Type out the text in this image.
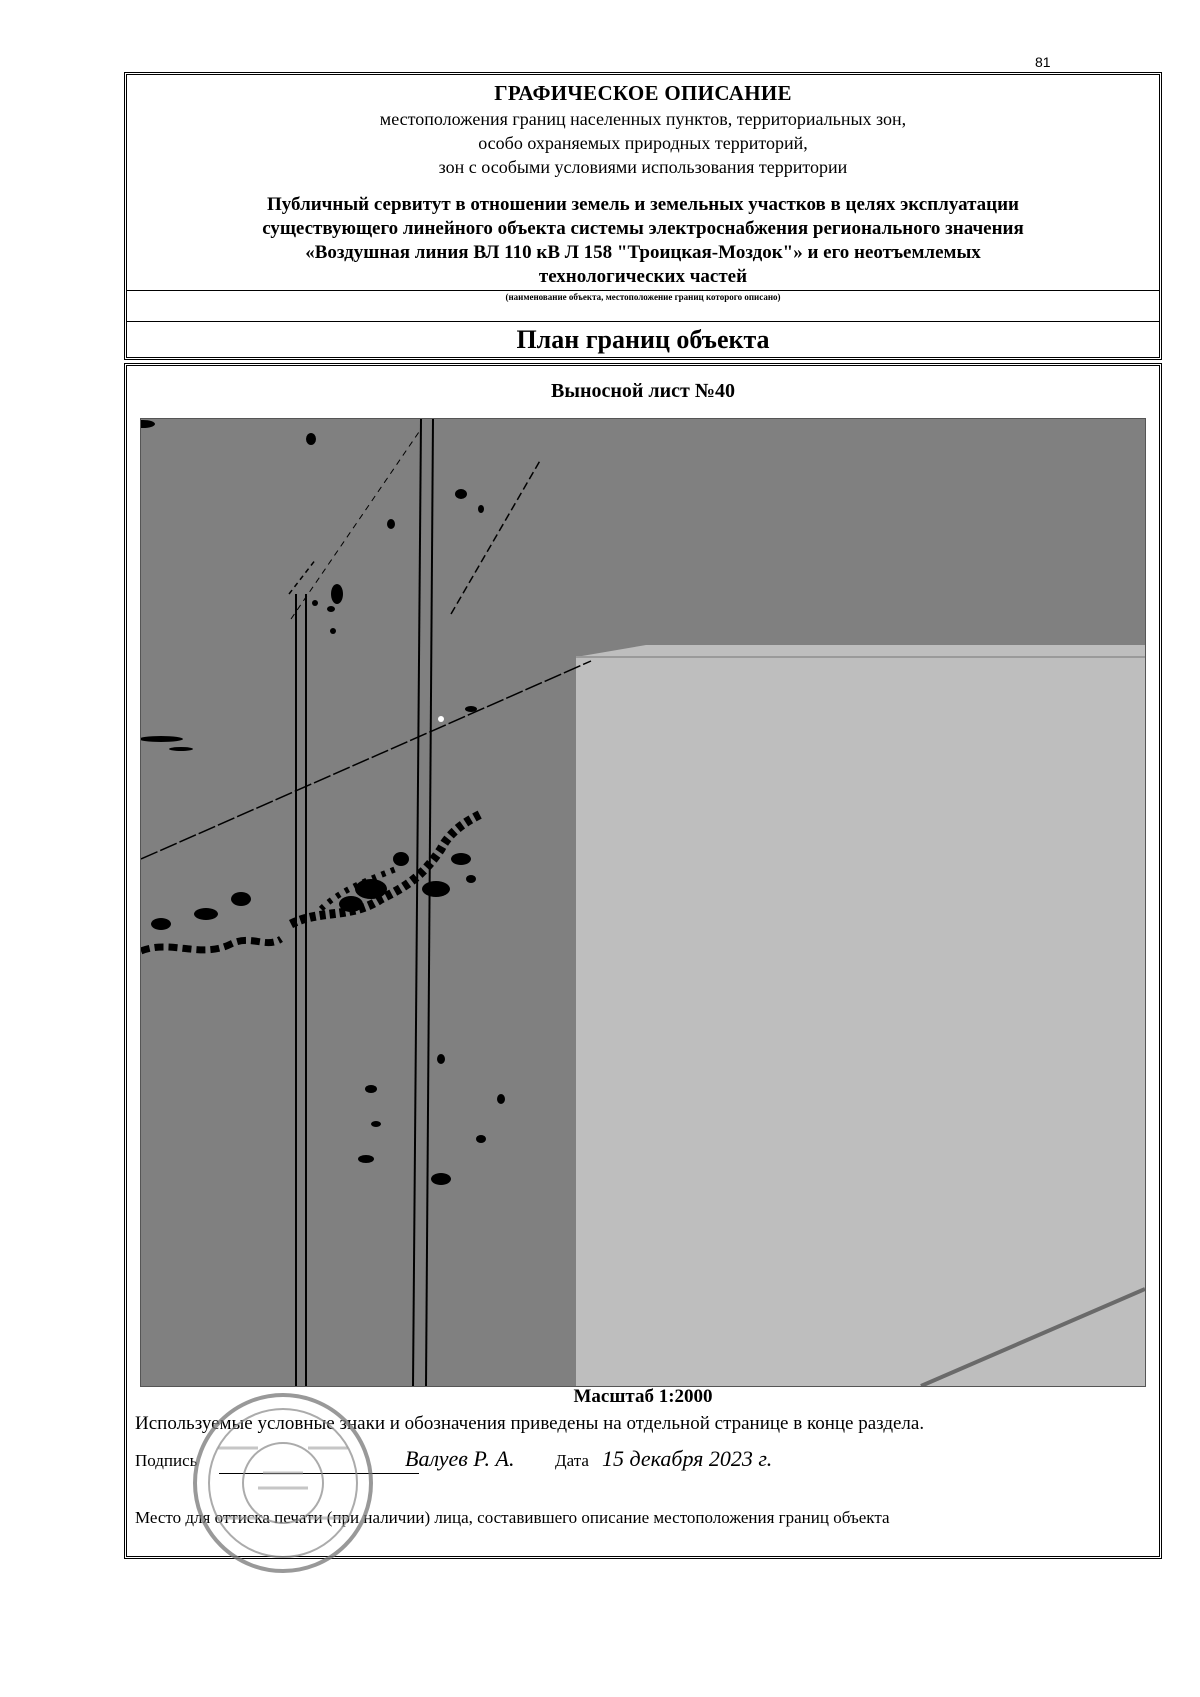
81
ГРАФИЧЕСКОЕ ОПИСАНИЕ
местоположения границ населенных пунктов, территориальных зон,
особо охраняемых природных территорий,
зон с особыми условиями использования территории
Публичный сервитут в отношении земель и земельных участков в целях эксплуатации
существующего линейного объекта системы электроснабжения регионального значения
«Воздушная линия ВЛ 110 кВ Л 158 "Троицкая-Моздок"» и его неотъемлемых
технологических частей
(наименование объекта, местоположение границ которого описано)
План границ объекта
Выносной лист №40
Масштаб 1:2000
Используемые условные знаки и обозначения приведены на отдельной странице в конце раздела.
Подпись	Валуев Р. А. Дата 15 декабря 2023 г.
Место для оттиска печати (при наличии) лица, составившего описание местоположения границ объекта
